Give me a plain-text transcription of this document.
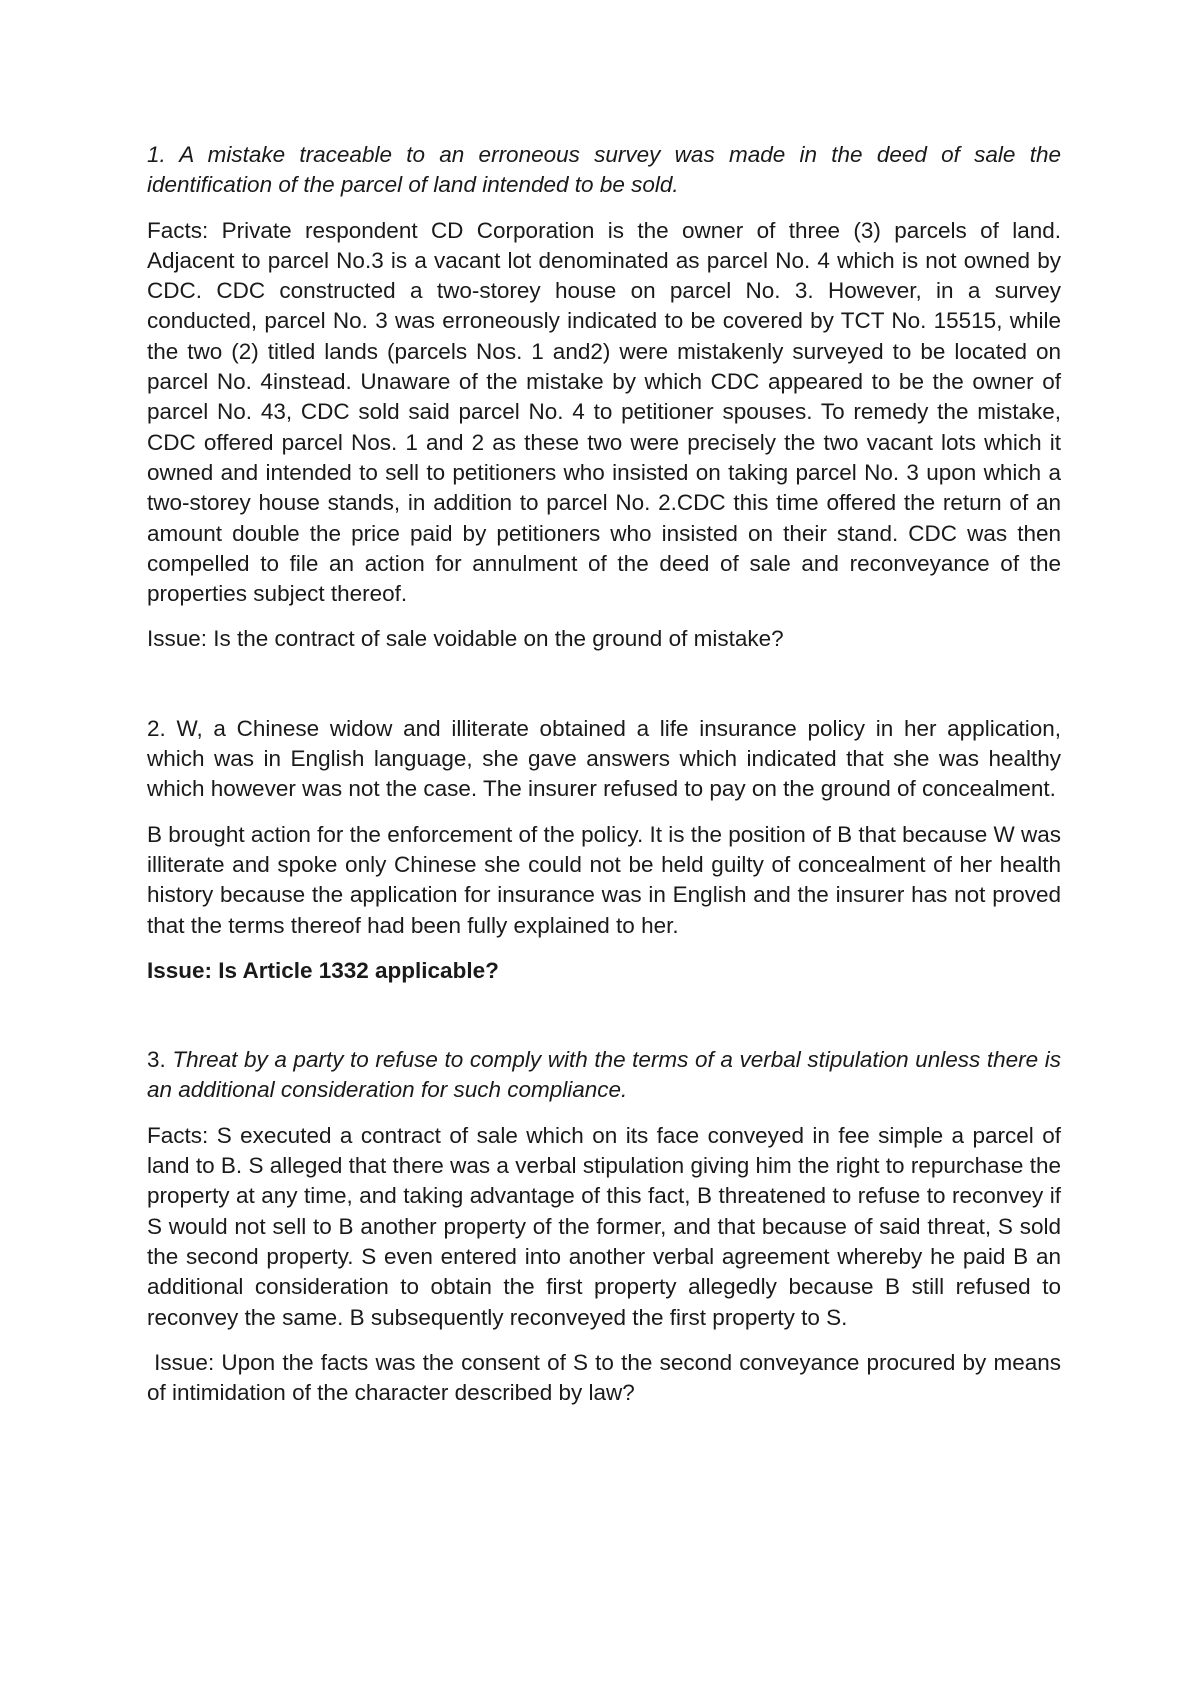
1. A mistake traceable to an erroneous survey was made in the deed of sale the identification of the parcel of land intended to be sold.

Facts: Private respondent CD Corporation is the owner of three (3) parcels of land. Adjacent to parcel No.3 is a vacant lot denominated as parcel No. 4 which is not owned by CDC. CDC constructed a two-storey house on parcel No. 3. However, in a survey conducted, parcel No. 3 was erroneously indicated to be covered by TCT No. 15515, while the two (2) titled lands (parcels Nos. 1 and2) were mistakenly surveyed to be located on parcel No. 4instead. Unaware of the mistake by which CDC appeared to be the owner of parcel No. 43, CDC sold said parcel No. 4 to petitioner spouses. To remedy the mistake, CDC offered parcel Nos. 1 and 2 as these two were precisely the two vacant lots which it owned and intended to sell to petitioners who insisted on taking parcel No. 3 upon which a two-storey house stands, in addition to parcel No. 2.CDC this time offered the return of an amount double the price paid by petitioners who insisted on their stand. CDC was then compelled to file an action for annulment of the deed of sale and reconveyance of the properties subject thereof.

Issue: Is the contract of sale voidable on the ground of mistake?

2. W, a Chinese widow and illiterate obtained a life insurance policy in her application, which was in English language, she gave answers which indicated that she was healthy which however was not the case. The insurer refused to pay on the ground of concealment.

B brought action for the enforcement of the policy. It is the position of B that because W was illiterate and spoke only Chinese she could not be held guilty of concealment of her health history because the application for insurance was in English and the insurer has not proved that the terms thereof had been fully explained to her.

Issue: Is Article 1332 applicable?

3. Threat by a party to refuse to comply with the terms of a verbal stipulation unless there is an additional consideration for such compliance.

Facts: S executed a contract of sale which on its face conveyed in fee simple a parcel of land to B. S alleged that there was a verbal stipulation giving him the right to repurchase the property at any time, and taking advantage of this fact, B threatened to refuse to reconvey if S would not sell to B another property of the former, and that because of said threat, S sold the second property. S even entered into another verbal agreement whereby he paid B an additional consideration to obtain the first property allegedly because B still refused to reconvey the same. B subsequently reconveyed the first property to S.

Issue: Upon the facts was the consent of S to the second conveyance procured by means of intimidation of the character described by law?
